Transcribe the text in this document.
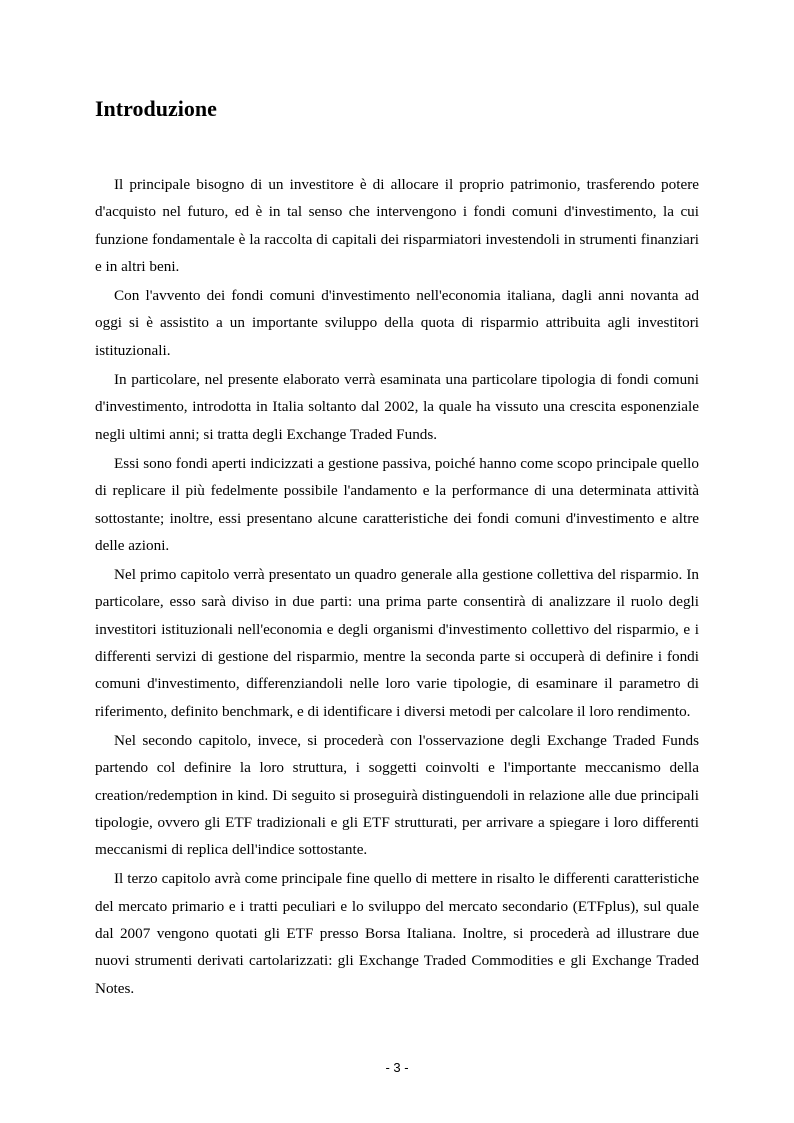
Introduzione

Il principale bisogno di un investitore è di allocare il proprio patrimonio, trasferendo potere d'acquisto nel futuro, ed è in tal senso che intervengono i fondi comuni d'investimento, la cui funzione fondamentale è la raccolta di capitali dei risparmiatori investendoli in strumenti finanziari e in altri beni.

Con l'avvento dei fondi comuni d'investimento nell'economia italiana, dagli anni novanta ad oggi si è assistito a un importante sviluppo della quota di risparmio attribuita agli investitori istituzionali.

In particolare, nel presente elaborato verrà esaminata una particolare tipologia di fondi comuni d'investimento, introdotta in Italia soltanto dal 2002, la quale ha vissuto una crescita esponenziale negli ultimi anni; si tratta degli Exchange Traded Funds.

Essi sono fondi aperti indicizzati a gestione passiva, poiché hanno come scopo principale quello di replicare il più fedelmente possibile l'andamento e la performance di una determinata attività sottostante; inoltre, essi presentano alcune caratteristiche dei fondi comuni d'investimento e altre delle azioni.

Nel primo capitolo verrà presentato un quadro generale alla gestione collettiva del risparmio. In particolare, esso sarà diviso in due parti: una prima parte consentirà di analizzare il ruolo degli investitori istituzionali nell'economia e degli organismi d'investimento collettivo del risparmio, e i differenti servizi di gestione del risparmio, mentre la seconda parte si occuperà di definire i fondi comuni d'investimento, differenziandoli nelle loro varie tipologie, di esaminare il parametro di riferimento, definito benchmark, e di identificare i diversi metodi per calcolare il loro rendimento.

Nel secondo capitolo, invece, si procederà con l'osservazione degli Exchange Traded Funds partendo col definire la loro struttura, i soggetti coinvolti e l'importante meccanismo della creation/redemption in kind. Di seguito si proseguirà distinguendoli in relazione alle due principali tipologie, ovvero gli ETF tradizionali e gli ETF strutturati, per arrivare a spiegare i loro differenti meccanismi di replica dell'indice sottostante.

Il terzo capitolo avrà come principale fine quello di mettere in risalto le differenti caratteristiche del mercato primario e i tratti peculiari e lo sviluppo del mercato secondario (ETFplus), sul quale dal 2007 vengono quotati gli ETF presso Borsa Italiana. Inoltre, si procederà ad illustrare due nuovi strumenti derivati cartolarizzati: gli Exchange Traded Commodities e gli Exchange Traded Notes.

- 3 -
